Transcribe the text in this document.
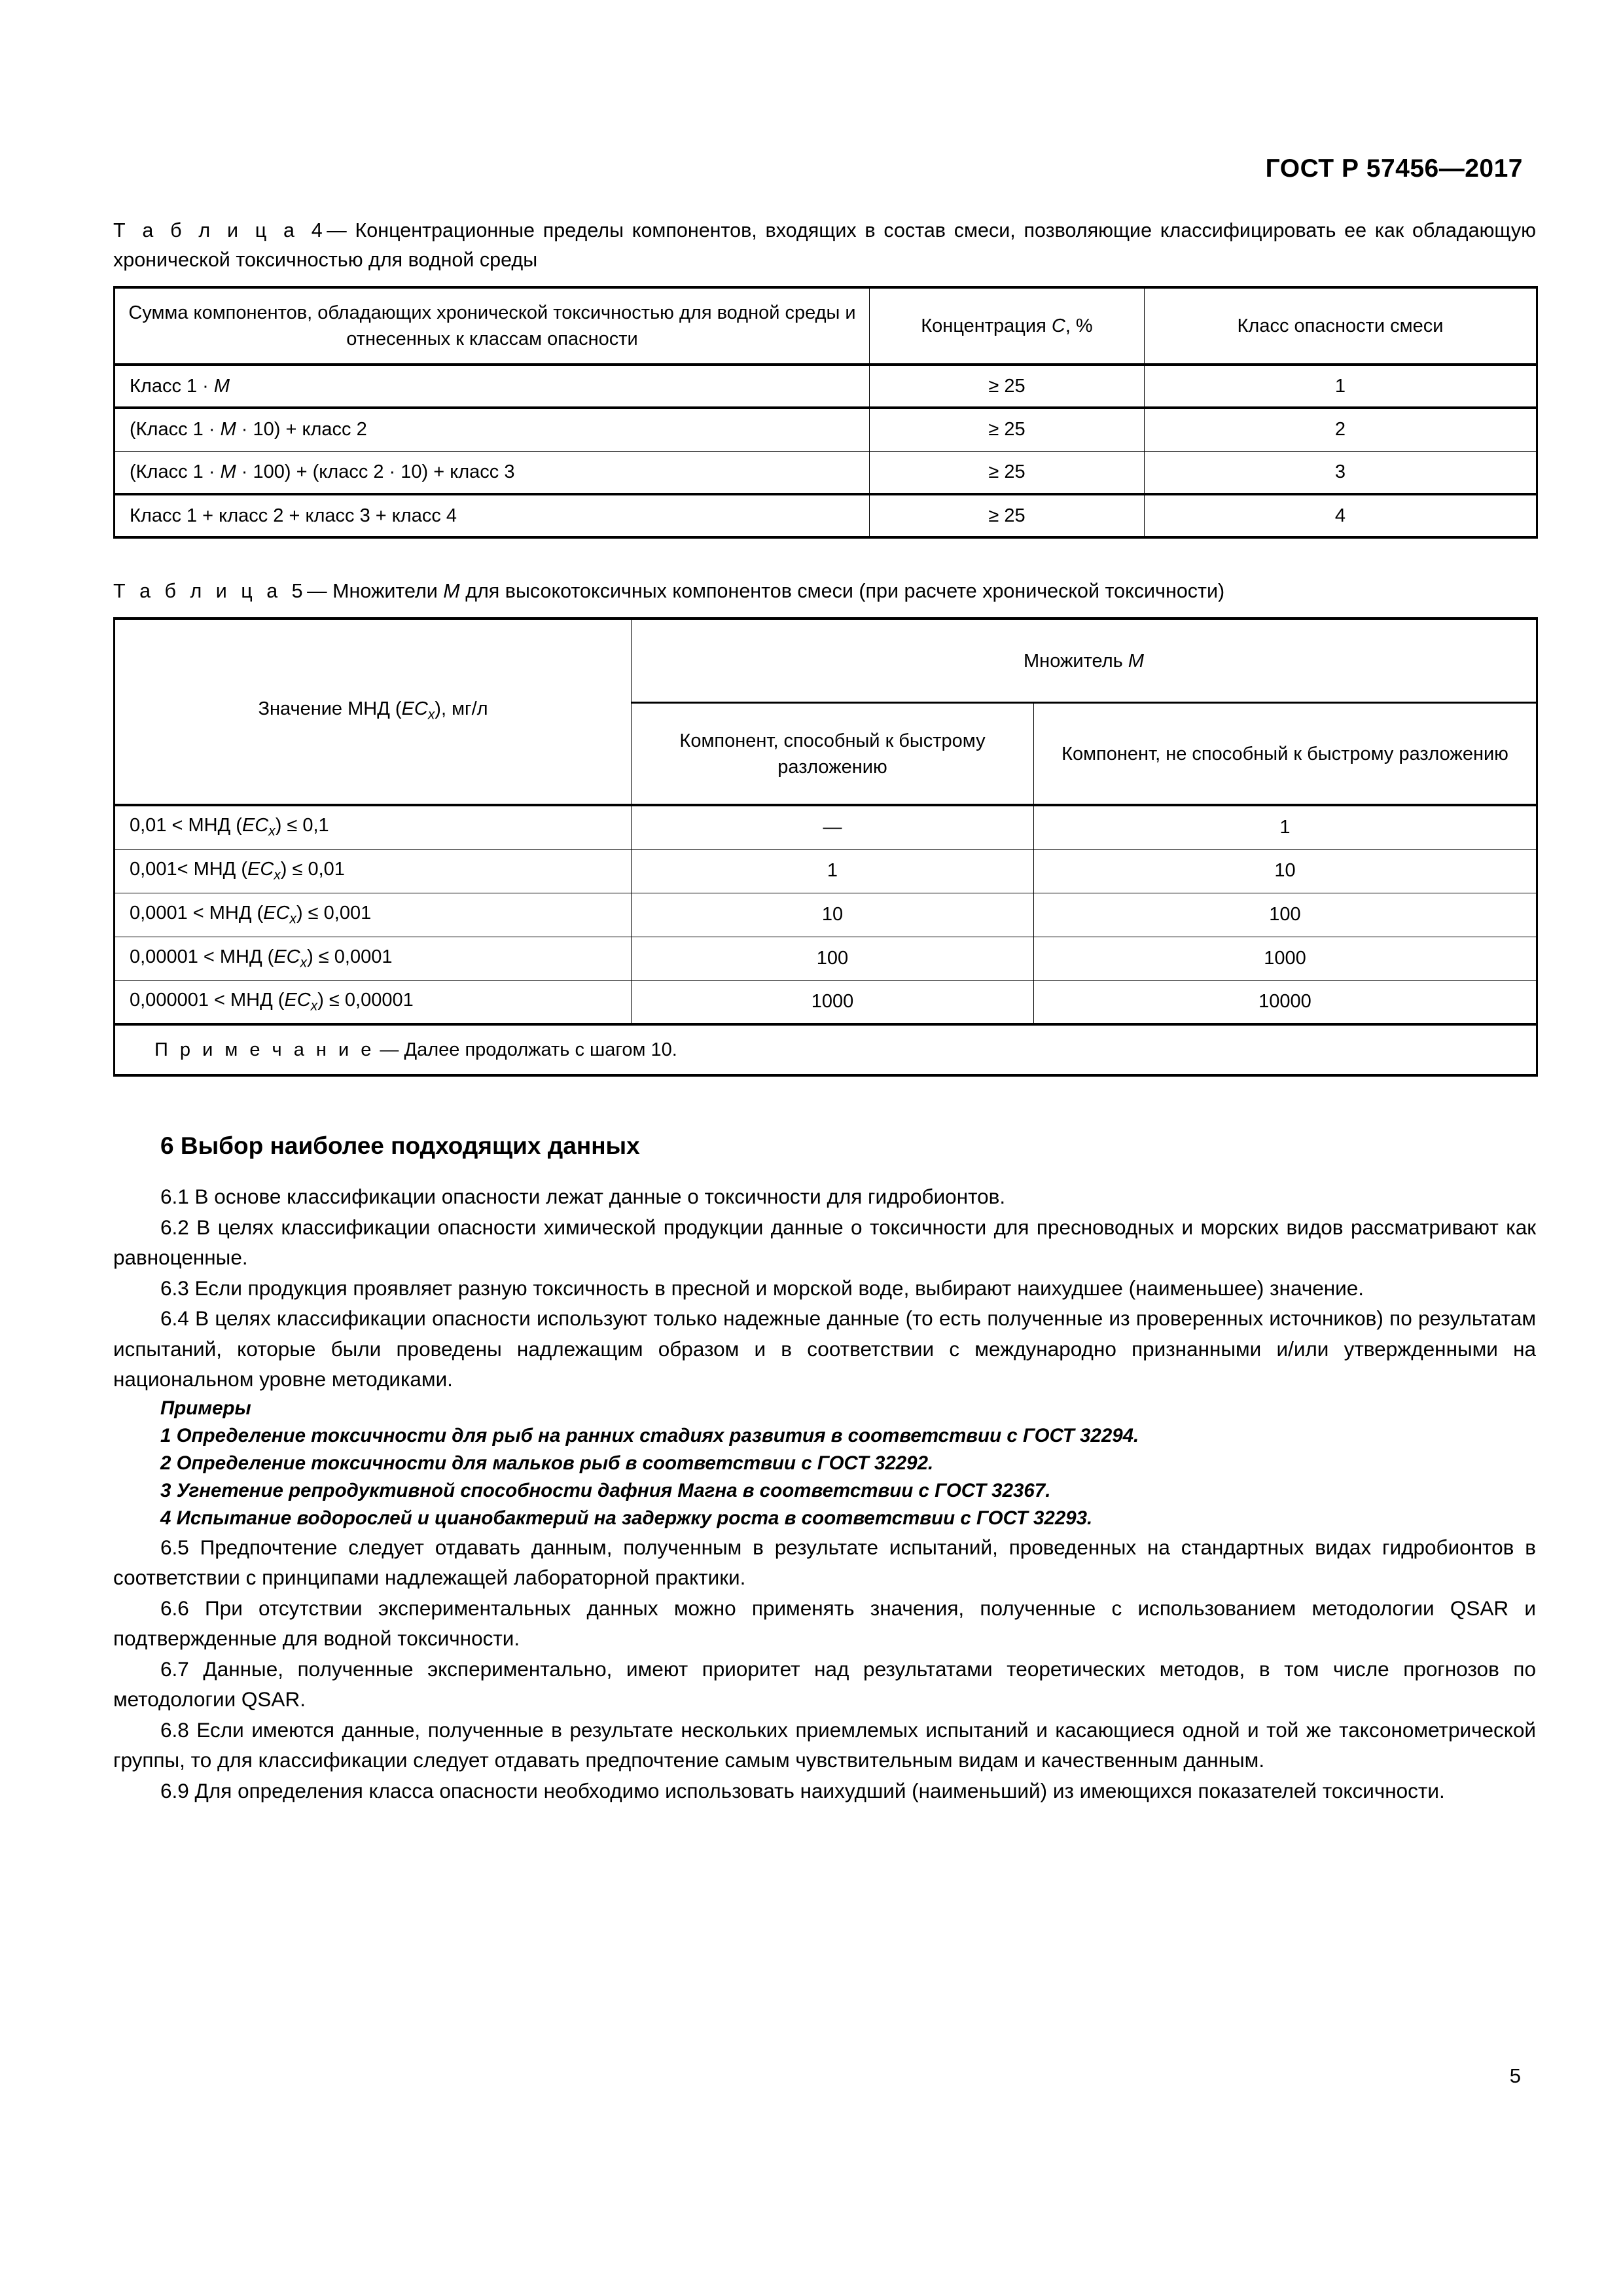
ГОСТ Р 57456—2017

Т а б л и ц а 4— Концентрационные пределы компонентов, входящих в состав смеси, позволяющие классифицировать ее как обладающую хронической токсичностью для водной среды

Сумма компонентов, обладающих хронической токсичностью для водной среды и отнесенных к классам опасности	Концентрация C, %	Класс опасности смеси
Класс 1 · M	≥ 25	1
(Класс 1 · M · 10) + класс 2	≥ 25	2
(Класс 1 · M · 100) + (класс 2 · 10) + класс 3	≥ 25	3
Класс 1 + класс 2 + класс 3 + класс 4	≥ 25	4

Т а б л и ц а 5— Множители M для высокотоксичных компонентов смеси (при расчете хронической токсичности)

Значение МНД $(EC_x)$, мг/л	Множитель M	
	Компонент, способный к быстрому разложению	Компонент, не способный к быстрому разложению
0,01 < МНД $(EC_x) \le 0,1$	—	1
0,001< МНД $(EC_x) \le 0,01$	1	10
0,0001 < МНД $(EC_x) \le 0,001$	10	100
0,00001 < МНД $(EC_x) \le 0,0001$	100	1000
0,000001 < МНД $(EC_x) \le 0,00001$	1000	10000
П р и м е ч а н и е — Далее продолжать с шагом 10.		
6 Выбор наиболее подходящих данных

6.1 В основе классификации опасности лежат данные о токсичности для гидробионтов.

6.2 В целях классификации опасности химической продукции данные о токсичности для пресноводных и морских видов рассматривают как равноценные.

6.3 Если продукция проявляет разную токсичность в пресной и морской воде, выбирают наихудшее (наименьшее) значение.

6.4 В целях классификации опасности используют только надежные данные (то есть полученные из проверенных источников) по результатам испытаний, которые были проведены надлежащим образом и в соответствии с международно признанными и/или утвержденными на национальном уровне методиками.

Примеры

1 Определение токсичности для рыб на ранних стадиях развития в соответствии с ГОСТ 32294.

2 Определение токсичности для мальков рыб в соответствии с ГОСТ 32292.

3 Угнетение репродуктивной способности дафния Магна в соответствии с ГОСТ 32367.

4 Испытание водорослей и цианобактерий на задержку роста в соответствии с ГОСТ 32293.

6.5 Предпочтение следует отдавать данным, полученным в результате испытаний, проведенных на стандартных видах гидробионтов в соответствии с принципами надлежащей лабораторной практики.

6.6 При отсутствии экспериментальных данных можно применять значения, полученные с использованием методологии QSAR и подтвержденные для водной токсичности.

6.7 Данные, полученные экспериментально, имеют приоритет над результатами теоретических методов, в том числе прогнозов по методологии QSAR.

6.8 Если имеются данные, полученные в результате нескольких приемлемых испытаний и касающиеся одной и той же таксонометрической группы, то для классификации следует отдавать предпочтение самым чувствительным видам и качественным данным.

6.9 Для определения класса опасности необходимо использовать наихудший (наименьший) из имеющихся показателей токсичности.

5
